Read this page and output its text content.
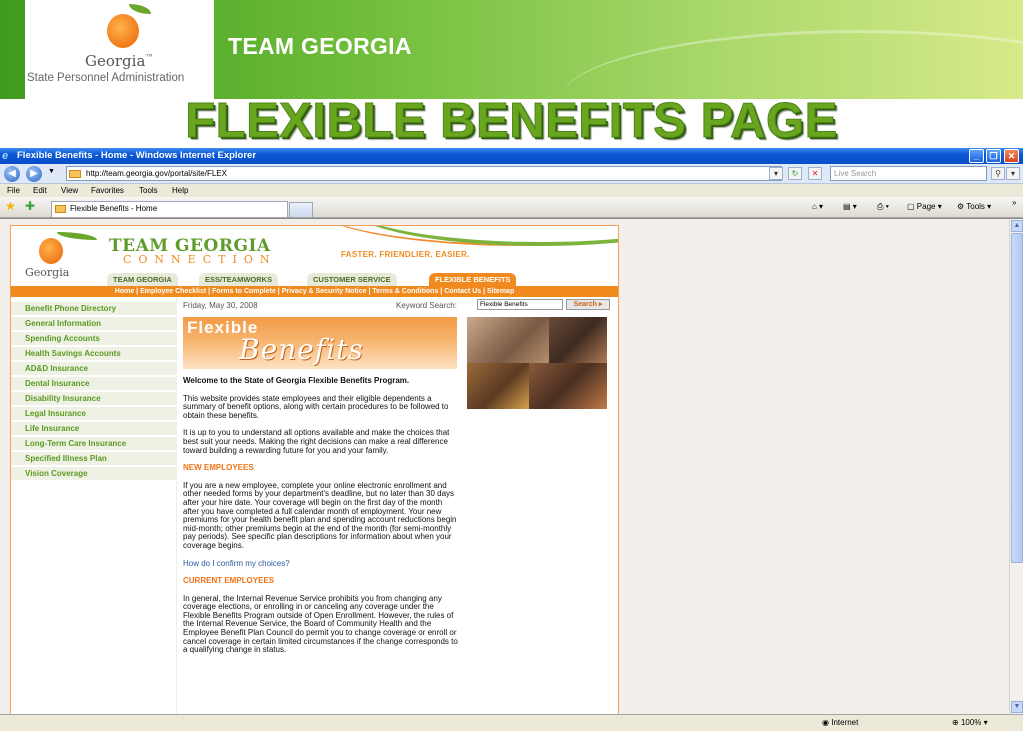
Georgia™
State Personnel Administration
TEAM GEORGIA
FLEXIBLE BENEFITS PAGE
e Flexible Benefits - Home - Windows Internet Explorer	_	❐	✕
◀	▶	▼	http://team.georgia.gov/portal/site/FLEX	▾	↻	✕	Live Search	⚲	▾
File Edit View Favorites Tools Help
★ ✚	Flexible Benefits - Home	⌂ ▾ ▤ ▾	⎙ ▾ ▢ Page ▾ ⚙ Tools ▾	»
Georgia
TEAM GEORGIA
CONNECTION	FASTER. FRIENDLIER. EASIER.
TEAM GEORGIA	ESS/TEAMWORKS	CUSTOMER SERVICE	FLEXIBLE BENEFITS
Home | Employee Checklist | Forms to Complete | Privacy & Security Notice | Terms & Conditions | Contact Us | Sitemap
Benefit Phone Directory
General Information
Spending Accounts
Health Savings Accounts
AD&D Insurance
Dental Insurance
Disability Insurance
Legal Insurance
Life Insurance
Long-Term Care Insurance
Specified Illness Plan
Vision Coverage
Friday, May 30, 2008	Keyword Search:	Flexible Benefits	Search ▸
Flexible
Benefits

Welcome to the State of Georgia Flexible Benefits Program.

This website provides state employees and their eligible dependents a summary of benefit options, along with certain procedures to be followed to obtain these benefits.

It is up to you to understand all options available and make the choices that best suit your needs. Making the right decisions can make a real difference toward building a rewarding future for you and your family.

NEW EMPLOYEES

If you are a new employee, complete your online electronic enrollment and other needed forms by your department's deadline, but no later than 30 days after your hire date. Your coverage will begin on the first day of the month after you have completed a full calendar month of employment. Your new premiums for your health benefit plan and spending account reductions begin mid-month; other premiums begin at the end of the month (for semi-monthly pay periods). See specific plan descriptions for information about when your coverage begins.

How do I confirm my choices?

CURRENT EMPLOYEES

In general, the Internal Revenue Service prohibits you from changing any coverage elections, or enrolling in or canceling any coverage under the Flexible Benefits Program outside of Open Enrollment. However, the rules of the Internal Revenue Service, the Board of Community Health and the Employee Benefit Plan Council do permit you to change coverage or enroll or cancel coverage in certain limited circumstances if the change corresponds to a qualifying change in status.

▲
▼
◉ Internet	⊕ 100% ▾
